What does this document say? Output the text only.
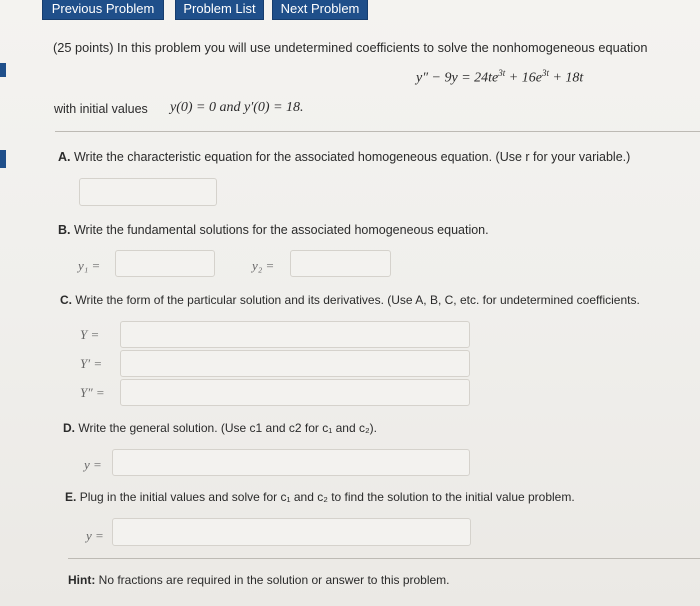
Previous Problem	Problem List	Next Problem
(25 points) In this problem you will use undetermined coefficients to solve the nonhomogeneous equation
$y'' - 9y = 24te^{3t} + 16e^{3t} + 18t$
with initial values y(0) = 0 and y′(0) = 18.
A. Write the characteristic equation for the associated homogeneous equation. (Use r for your variable.)
B. Write the fundamental solutions for the associated homogeneous equation.
y₁ =	y₂ =
C. Write the form of the particular solution and its derivatives. (Use A, B, C, etc. for undetermined coefficients.
Y =
Y′ =
Y″ =
D. Write the general solution. (Use c1 and c2 for c₁ and c₂).
y =
E. Plug in the initial values and solve for c₁ and c₂ to find the solution to the initial value problem.
y =
Hint: No fractions are required in the solution or answer to this problem.
